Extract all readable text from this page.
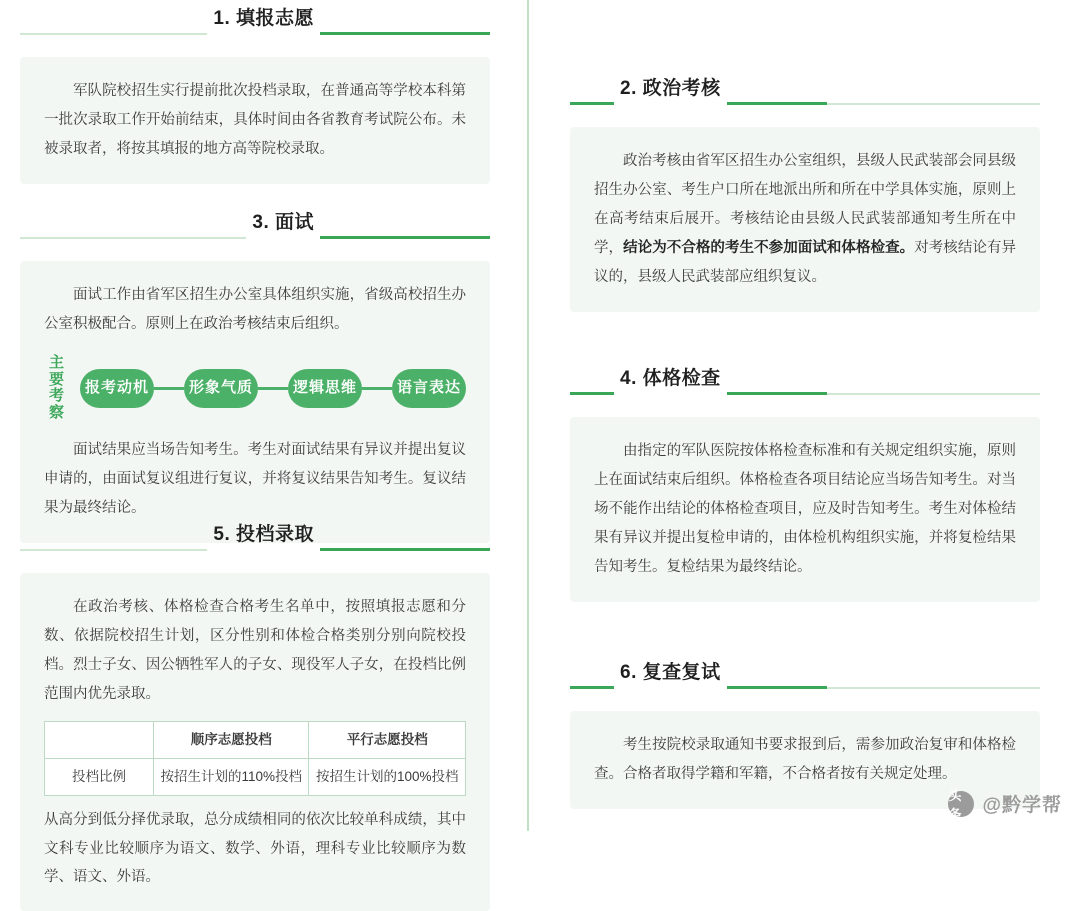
1. 填报志愿

军队院校招生实行提前批次投档录取，在普通高等学校本科第一批次录取工作开始前结束，具体时间由各省教育考试院公布。未被录取者，将按其填报的地方高等院校录取。

2. 政治考核

政治考核由省军区招生办公室组织，县级人民武装部会同县级招生办公室、考生户口所在地派出所和所在中学具体实施，原则上在高考结束后展开。考核结论由县级人民武装部通知考生所在中学，结论为不合格的考生不参加面试和体格检查。对考核结论有异议的，县级人民武装部应组织复议。

3. 面试

面试工作由省军区招生办公室具体组织实施，省级高校招生办公室积极配合。原则上在政治考核结束后组织。

主要考察
报考动机	形象气质	逻辑思维	语言表达

面试结果应当场告知考生。考生对面试结果有异议并提出复议申请的，由面试复议组进行复议，并将复议结果告知考生。复议结果为最终结论。

4. 体格检查

由指定的军队医院按体格检查标准和有关规定组织实施，原则上在面试结束后组织。体格检查各项目结论应当场告知考生。对当场不能作出结论的体格检查项目，应及时告知考生。考生对体检结果有异议并提出复检申请的，由体检机构组织实施，并将复检结果告知考生。复检结果为最终结论。

5. 投档录取

在政治考核、体格检查合格考生名单中，按照填报志愿和分数、依据院校招生计划，区分性别和体检合格类别分别向院校投档。烈士子女、因公牺牲军人的子女、现役军人子女，在投档比例范围内优先录取。

	顺序志愿投档	平行志愿投档
投档比例	按招生计划的110%投档	按招生计划的100%投档
从高分到低分择优录取，总分成绩相同的依次比较单科成绩，其中文科专业比较顺序为语文、数学、外语，理科专业比较顺序为数学、语文、外语。
6. 复查复试

考生按院校录取通知书要求报到后，需参加政治复审和体格检查。合格者取得学籍和军籍，不合格者按有关规定处理。

头条	@黔学帮
